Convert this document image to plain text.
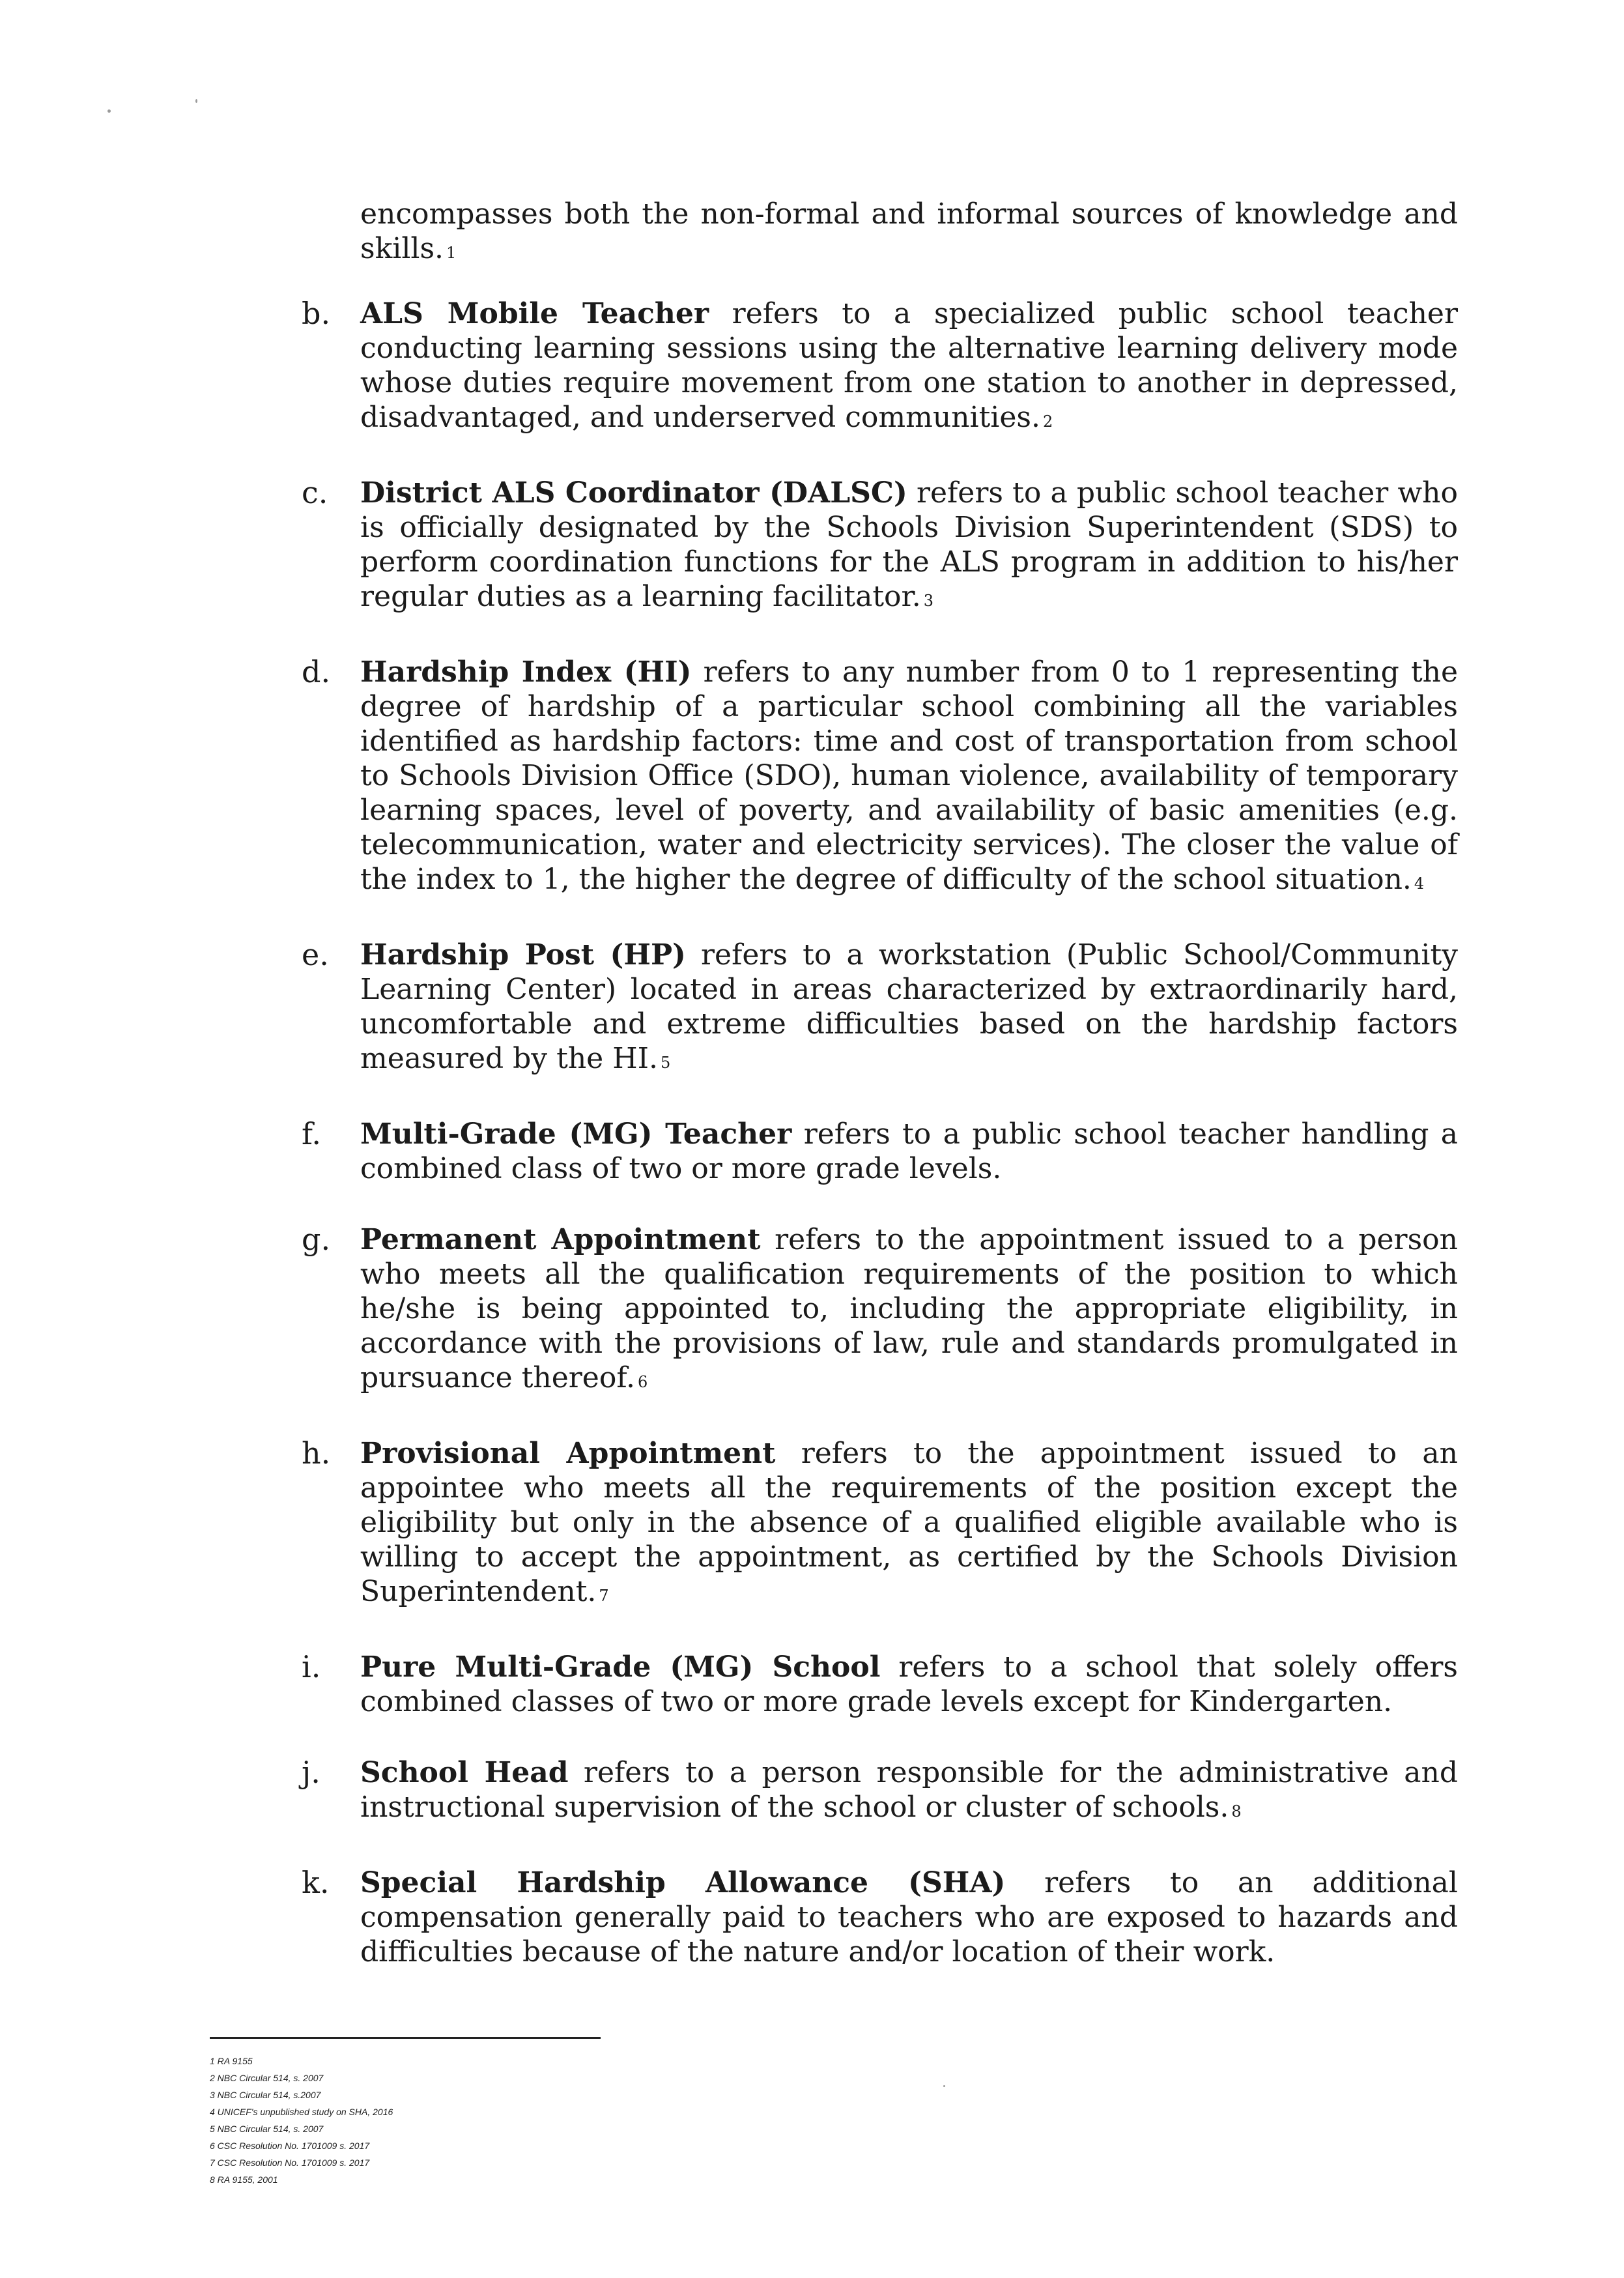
encompasses both the non-formal and informal sources of knowledge and skills. 1

b.	ALS Mobile Teacher refers to a specialized public school teacher conducting learning sessions using the alternative learning delivery mode whose duties require movement from one station to another in depressed, disadvantaged, and underserved communities. 2

c.	District ALS Coordinator (DALSC) refers to a public school teacher who is officially designated by the Schools Division Superintendent (SDS) to perform coordination functions for the ALS program in addition to his/her regular duties as a learning facilitator. 3

d.	Hardship Index (HI) refers to any number from 0 to 1 representing the degree of hardship of a particular school combining all the variables identified as hardship factors: time and cost of transportation from school to Schools Division Office (SDO), human violence, availability of temporary learning spaces, level of poverty, and availability of basic amenities (e.g. telecommunication, water and electricity services). The closer the value of the index to 1, the higher the degree of difficulty of the school situation. 4

e.	Hardship Post (HP) refers to a workstation (Public School/Community Learning Center) located in areas characterized by extraordinarily hard, uncomfortable and extreme difficulties based on the hardship factors measured by the HI. 5

f.	Multi-Grade (MG) Teacher refers to a public school teacher handling a combined class of two or more grade levels.

g.	Permanent Appointment refers to the appointment issued to a person who meets all the qualification requirements of the position to which he/she is being appointed to, including the appropriate eligibility, in accordance with the provisions of law, rule and standards promulgated in pursuance thereof. 6

h.	Provisional Appointment refers to the appointment issued to an appointee who meets all the requirements of the position except the eligibility but only in the absence of a qualified eligible available who is willing to accept the appointment, as certified by the Schools Division Superintendent. 7

i.	Pure Multi-Grade (MG) School refers to a school that solely offers combined classes of two or more grade levels except for Kindergarten.

j.	School Head refers to a person responsible for the administrative and instructional supervision of the school or cluster of schools. 8

k.	Special Hardship Allowance (SHA) refers to an additional compensation generally paid to teachers who are exposed to hazards and difficulties because of the nature and/or location of their work.

1 RA 9155
2 NBC Circular 514, s. 2007
3 NBC Circular 514, s.2007
4 UNICEF's unpublished study on SHA, 2016
5 NBC Circular 514, s. 2007
6 CSC Resolution No. 1701009 s. 2017
7 CSC Resolution No. 1701009 s. 2017
8 RA 9155, 2001
